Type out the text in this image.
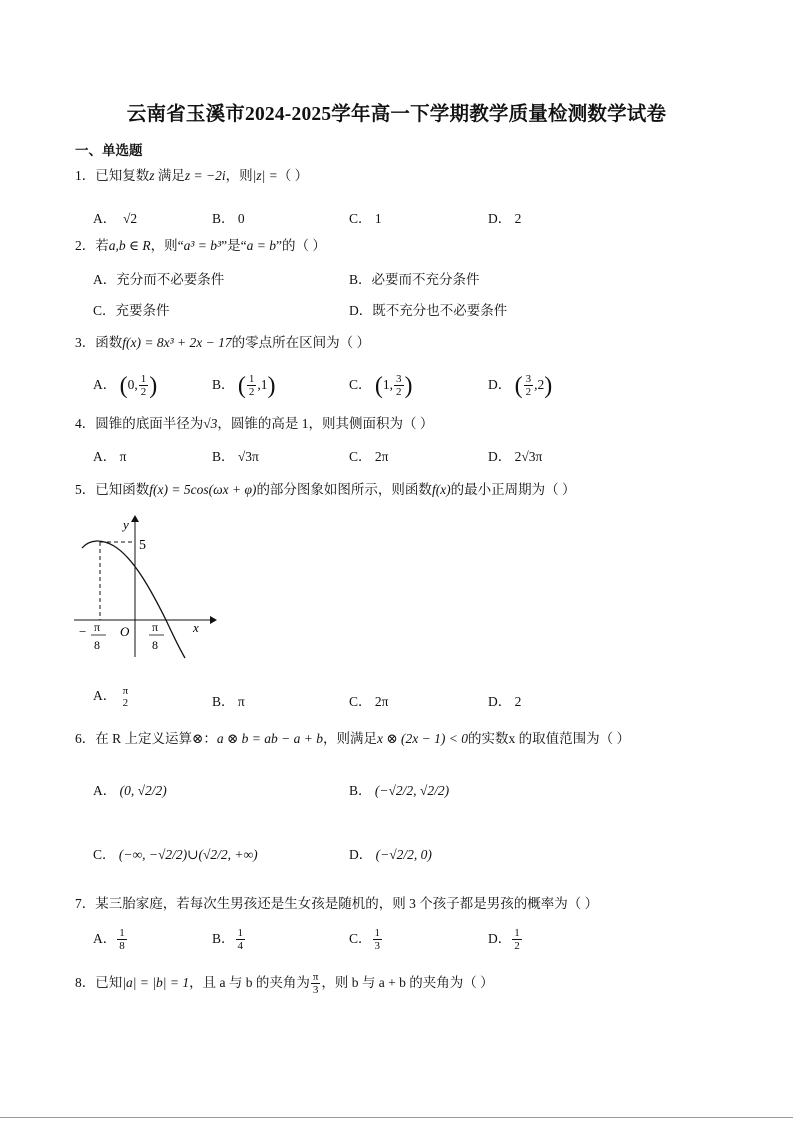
云南省玉溪市2024-2025学年高一下学期教学质量检测数学试卷
一、单选题
1．已知复数z 满足z = −2i，则|z| =（ ）
A． √2	B． 0	C． 1	D． 2
2．若a,b ∈ R，则“a³ = b³”是“a = b”的（ ）
A．充分而不必要条件	B．必要而不充分条件
C．充要条件	D．既不充分也不必要条件
3．函数f(x) = 8x³ + 2x − 17的零点所在区间为（ ）
A． (0, $\frac{1}{2}$ )	B． ( $\frac{1}{2} ,1$)	C． (1, $\frac{3}{2}$ )	D． ( $\frac{3}{2} ,2$)
4．圆锥的底面半径为√3，圆锥的高是 1，则其侧面积为（ ）
A． π	B． √3π	C． 2π	D． 2√3π
5．已知函数f(x) = 5cos(ωx + φ)的部分图象如图所示，则函数f(x)的最小正周期为（ ）
y
x
5
O
− π
8
π
8
A． π
2	B． π	C． 2π	D． 2
6．在 R 上定义运算⊗：a ⊗ b = ab − a + b，则满足x ⊗ (2x − 1) < 0的实数x 的取值范围为（ ）
A． (0, √2/2)	B． (−√2/2, √2/2)
C． (−∞, −√2/2)∪(√2/2, +∞)	D． (−√2/2, 0)
7．某三胎家庭，若每次生男孩还是生女孩是随机的，则 3 个孩子都是男孩的概率为（ ）
A． $\frac{1}{8}$	B． $\frac{1}{4}$	C． $\frac{1}{3}$	D． $\frac{1}{2}$
8．已知|a| = |b| = 1，且 a 与 b 的夹角为 $\frac{\pi}{3}$ ，则 b 与 a + b 的夹角为（ ）
